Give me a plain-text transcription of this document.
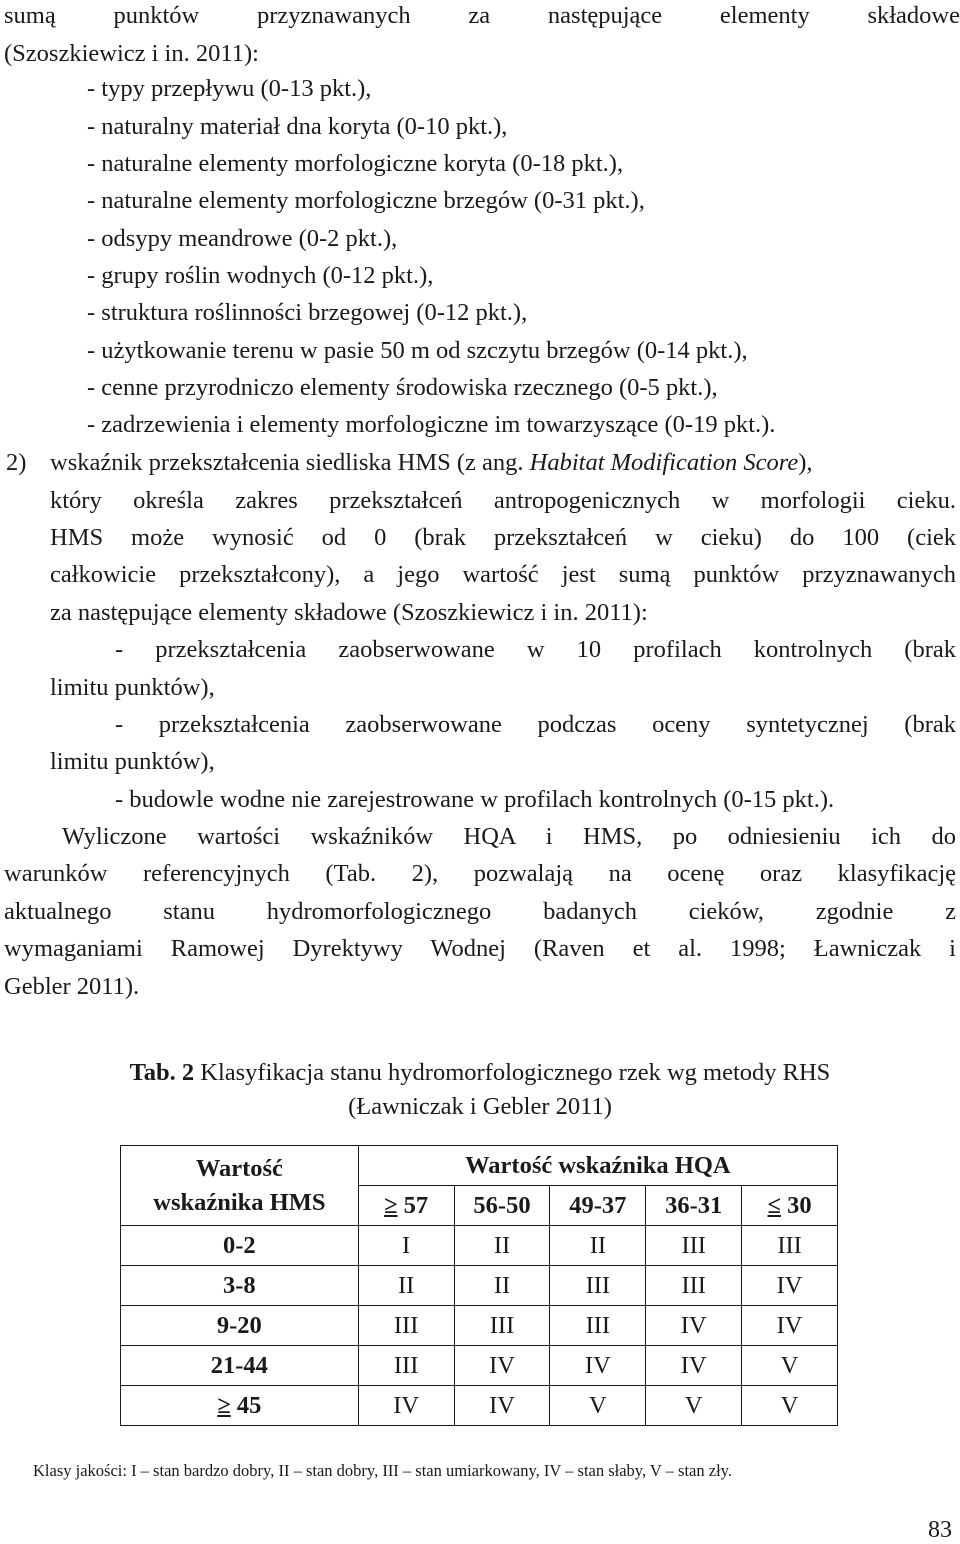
sumą punktów przyznawanych za następujące elementy składowe
(Szoszkiewicz i in. 2011):
- typy przepływu (0-13 pkt.),
- naturalny materiał dna koryta (0-10 pkt.),
- naturalne elementy morfologiczne koryta (0-18 pkt.),
- naturalne elementy morfologiczne brzegów (0-31 pkt.),
- odsypy meandrowe (0-2 pkt.),
- grupy roślin wodnych (0-12 pkt.),
- struktura roślinności brzegowej (0-12 pkt.),
- użytkowanie terenu w pasie 50 m od szczytu brzegów (0-14 pkt.),
- cenne przyrodniczo elementy środowiska rzecznego (0-5 pkt.),
- zadrzewienia i elementy morfologiczne im towarzyszące (0-19 pkt.).
2) wskaźnik przekształcenia siedliska HMS (z ang. Habitat Modification Score),
który określa zakres przekształceń antropogenicznych w morfologii cieku.
HMS może wynosić od 0 (brak przekształceń w cieku) do 100 (ciek
całkowicie przekształcony), a jego wartość jest sumą punktów przyznawanych
za następujące elementy składowe (Szoszkiewicz i in. 2011):
- przekształcenia zaobserwowane w 10 profilach kontrolnych (brak
limitu punktów),
- przekształcenia zaobserwowane podczas oceny syntetycznej (brak
limitu punktów),
- budowle wodne nie zarejestrowane w profilach kontrolnych (0-15 pkt.).
Wyliczone wartości wskaźników HQA i HMS, po odniesieniu ich do
warunków referencyjnych (Tab. 2), pozwalają na ocenę oraz klasyfikację
aktualnego stanu hydromorfologicznego badanych cieków, zgodnie z
wymaganiami Ramowej Dyrektywy Wodnej (Raven et al. 1998; Ławniczak i
Gebler 2011).
Tab. 2 Klasyfikacja stanu hydromorfologicznego rzek wg metody RHS
(Ławniczak i Gebler 2011)
Wartość
wskaźnika HMS	Wartość wskaźnika HQA				
	≥ 57	56-50	49-37	36-31	≤ 30
0-2	I	II	II	III	III
3-8	II	II	III	III	IV
9-20	III	III	III	IV	IV
21-44	III	IV	IV	IV	V
≥ 45	IV	IV	V	V	V
Klasy jakości: I – stan bardzo dobry, II – stan dobry, III – stan umiarkowany, IV – stan słaby, V – stan zły.
83
